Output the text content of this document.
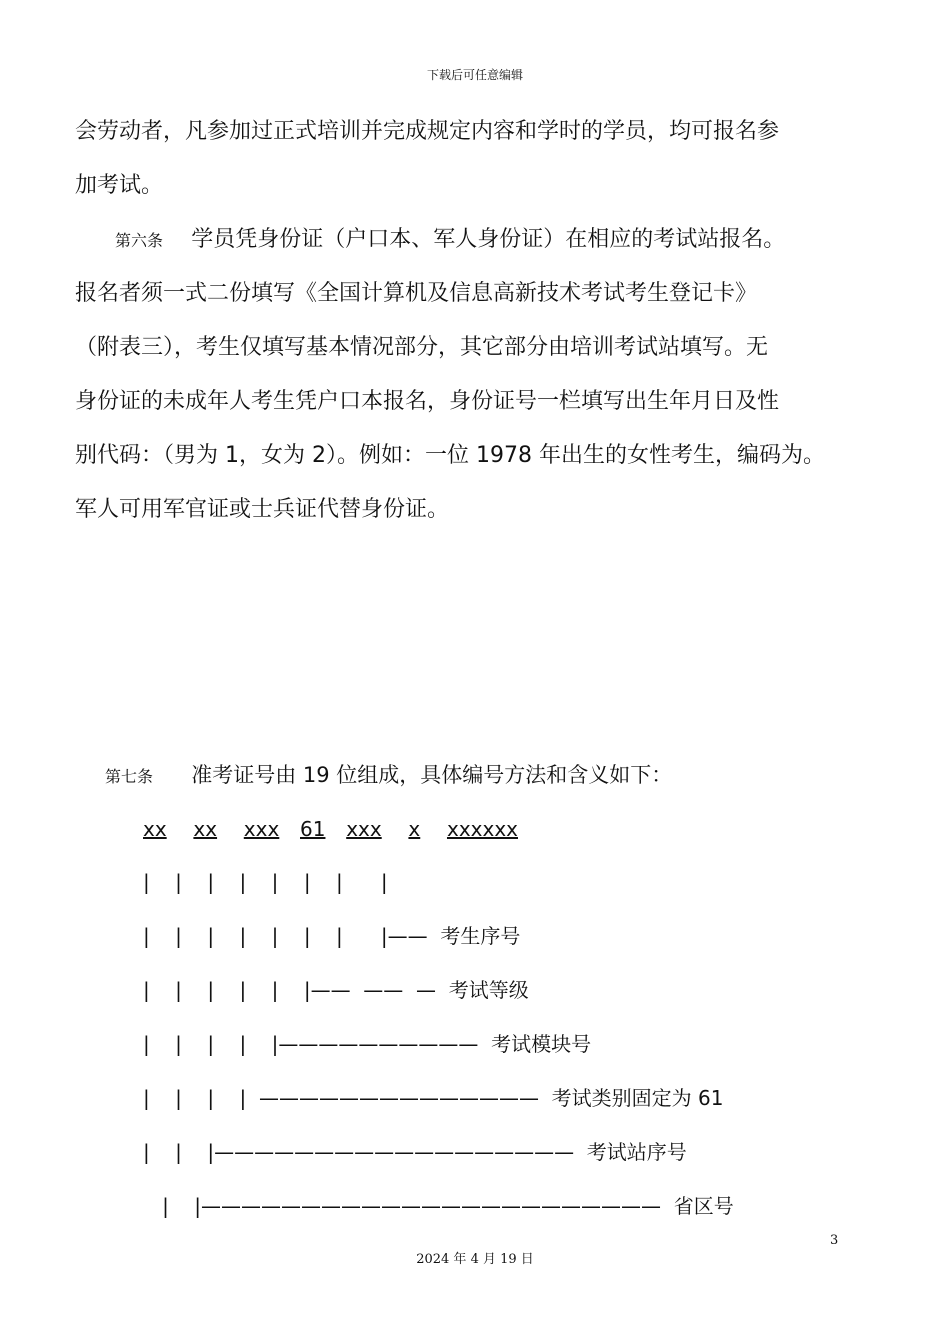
下载后可任意编辑
会劳动者，凡参加过正式培训并完成规定内容和学时的学员，均可报名参
加考试。
第六条 学员凭身份证（户口本、军人身份证）在相应的考试站报名。
报名者须一式二份填写《全国计算机及信息高新技术考试考生登记卡》
（附表三），考生仅填写基本情况部分，其它部分由培训考试站填写。无
身份证的未成年人考生凭户口本报名，身份证号一栏填写出生年月日及性
别代码：（男为 1，女为 2）。例如：一位 1978 年出生的女性考生，编码为。
军人可用军官证或士兵证代替身份证。
第七条 准考证号由 19 位组成，具体编号方法和含义如下：
xx xx xxx 61 xxx x xxxxxx
|    |    |    |    |    |    |      |
|    |    |    |    |    |    |      |——  考生序号
|    |    |    |    |    |——  ——  —  考试等级
|    |    |    |    |——————————  考试模块号
|    |    |    |  ——————————————  考试类别固定为 61
|    |    |——————————————————  考试站序号
|    |———————————————————————  省区号
3
2024 年 4 月 19 日
